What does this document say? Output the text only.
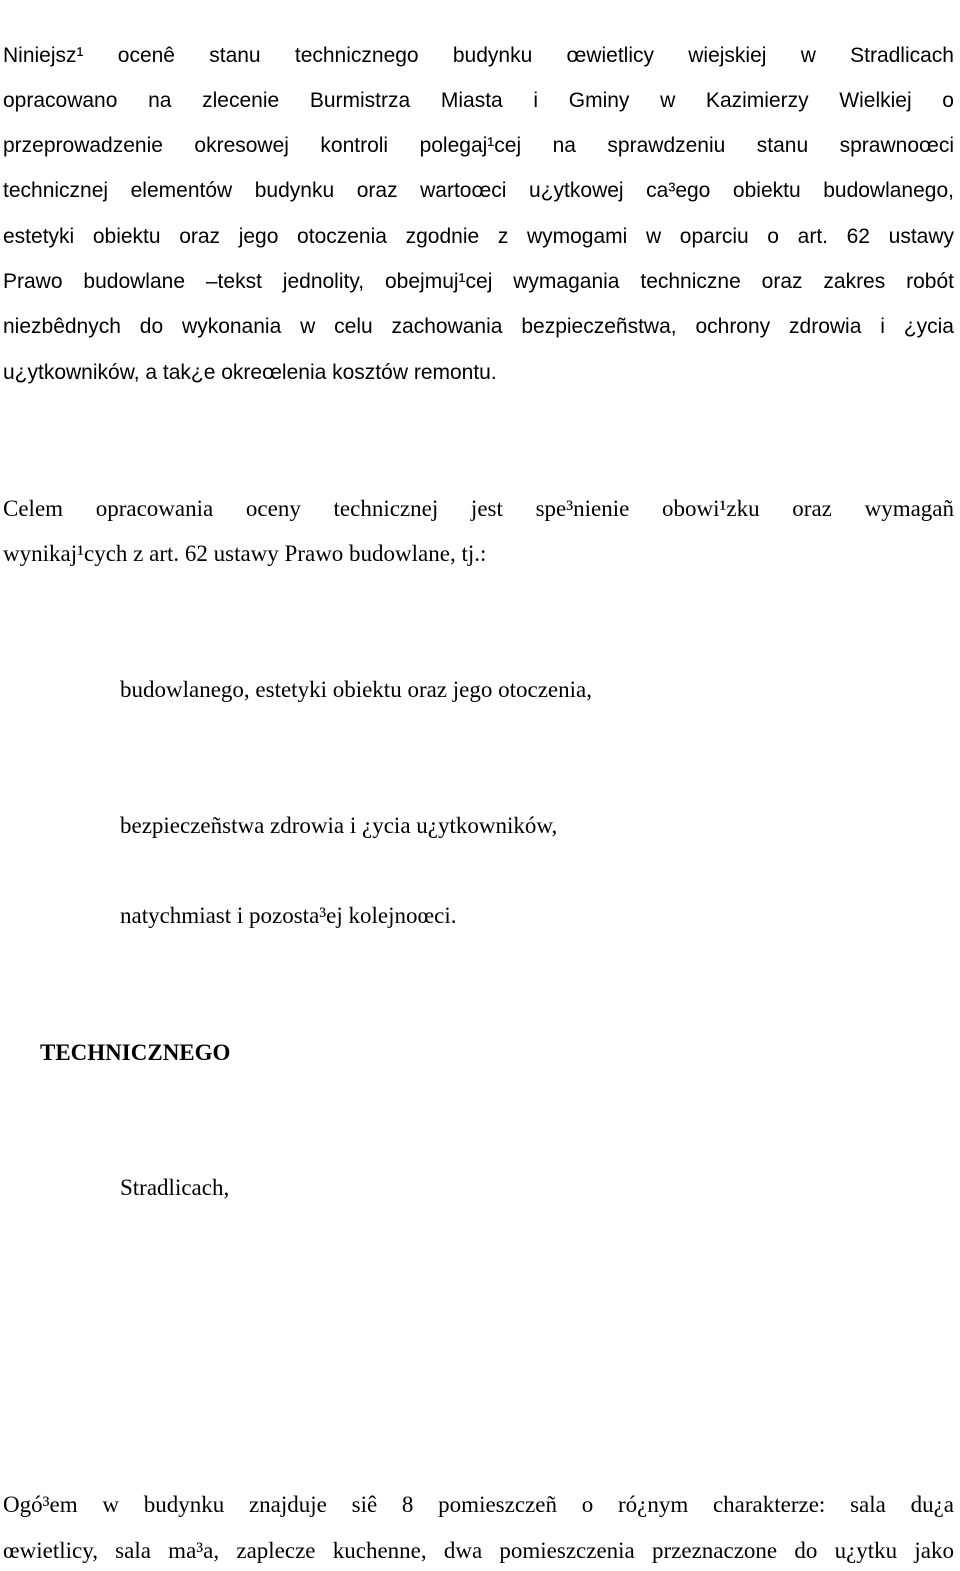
Niniejsz¹ ocenê stanu technicznego budynku œwietlicy wiejskiej w Stradlicach
opracowano na zlecenie Burmistrza Miasta i Gminy w Kazimierzy Wielkiej o
przeprowadzenie okresowej kontroli polegaj¹cej na sprawdzeniu stanu sprawnoœci
technicznej elementów budynku oraz wartoœci u¿ytkowej ca³ego obiektu budowlanego,
estetyki obiektu oraz jego otoczenia zgodnie z wymogami w oparciu o art. 62 ustawy
Prawo budowlane –tekst jednolity, obejmuj¹cej wymagania techniczne oraz zakres robót
niezbêdnych do wykonania w celu zachowania bezpieczeñstwa, ochrony zdrowia i ¿ycia
u¿ytkowników, a tak¿e okreœlenia kosztów remontu.
Celem opracowania oceny technicznej jest spe³nienie obowi¹zku oraz wymagañ
wynikaj¹cych z art. 62 ustawy Prawo budowlane, tj.:
budowlanego, estetyki obiektu oraz jego otoczenia,
bezpieczeñstwa zdrowia i ¿ycia u¿ytkowników,
natychmiast i pozosta³ej kolejnoœci.
TECHNICZNEGO
Stradlicach,
Ogó³em w budynku znajduje siê 8 pomieszczeñ o ró¿nym charakterze: sala du¿a
œwietlicy, sala ma³a, zaplecze kuchenne, dwa pomieszczenia przeznaczone do u¿ytku jako
